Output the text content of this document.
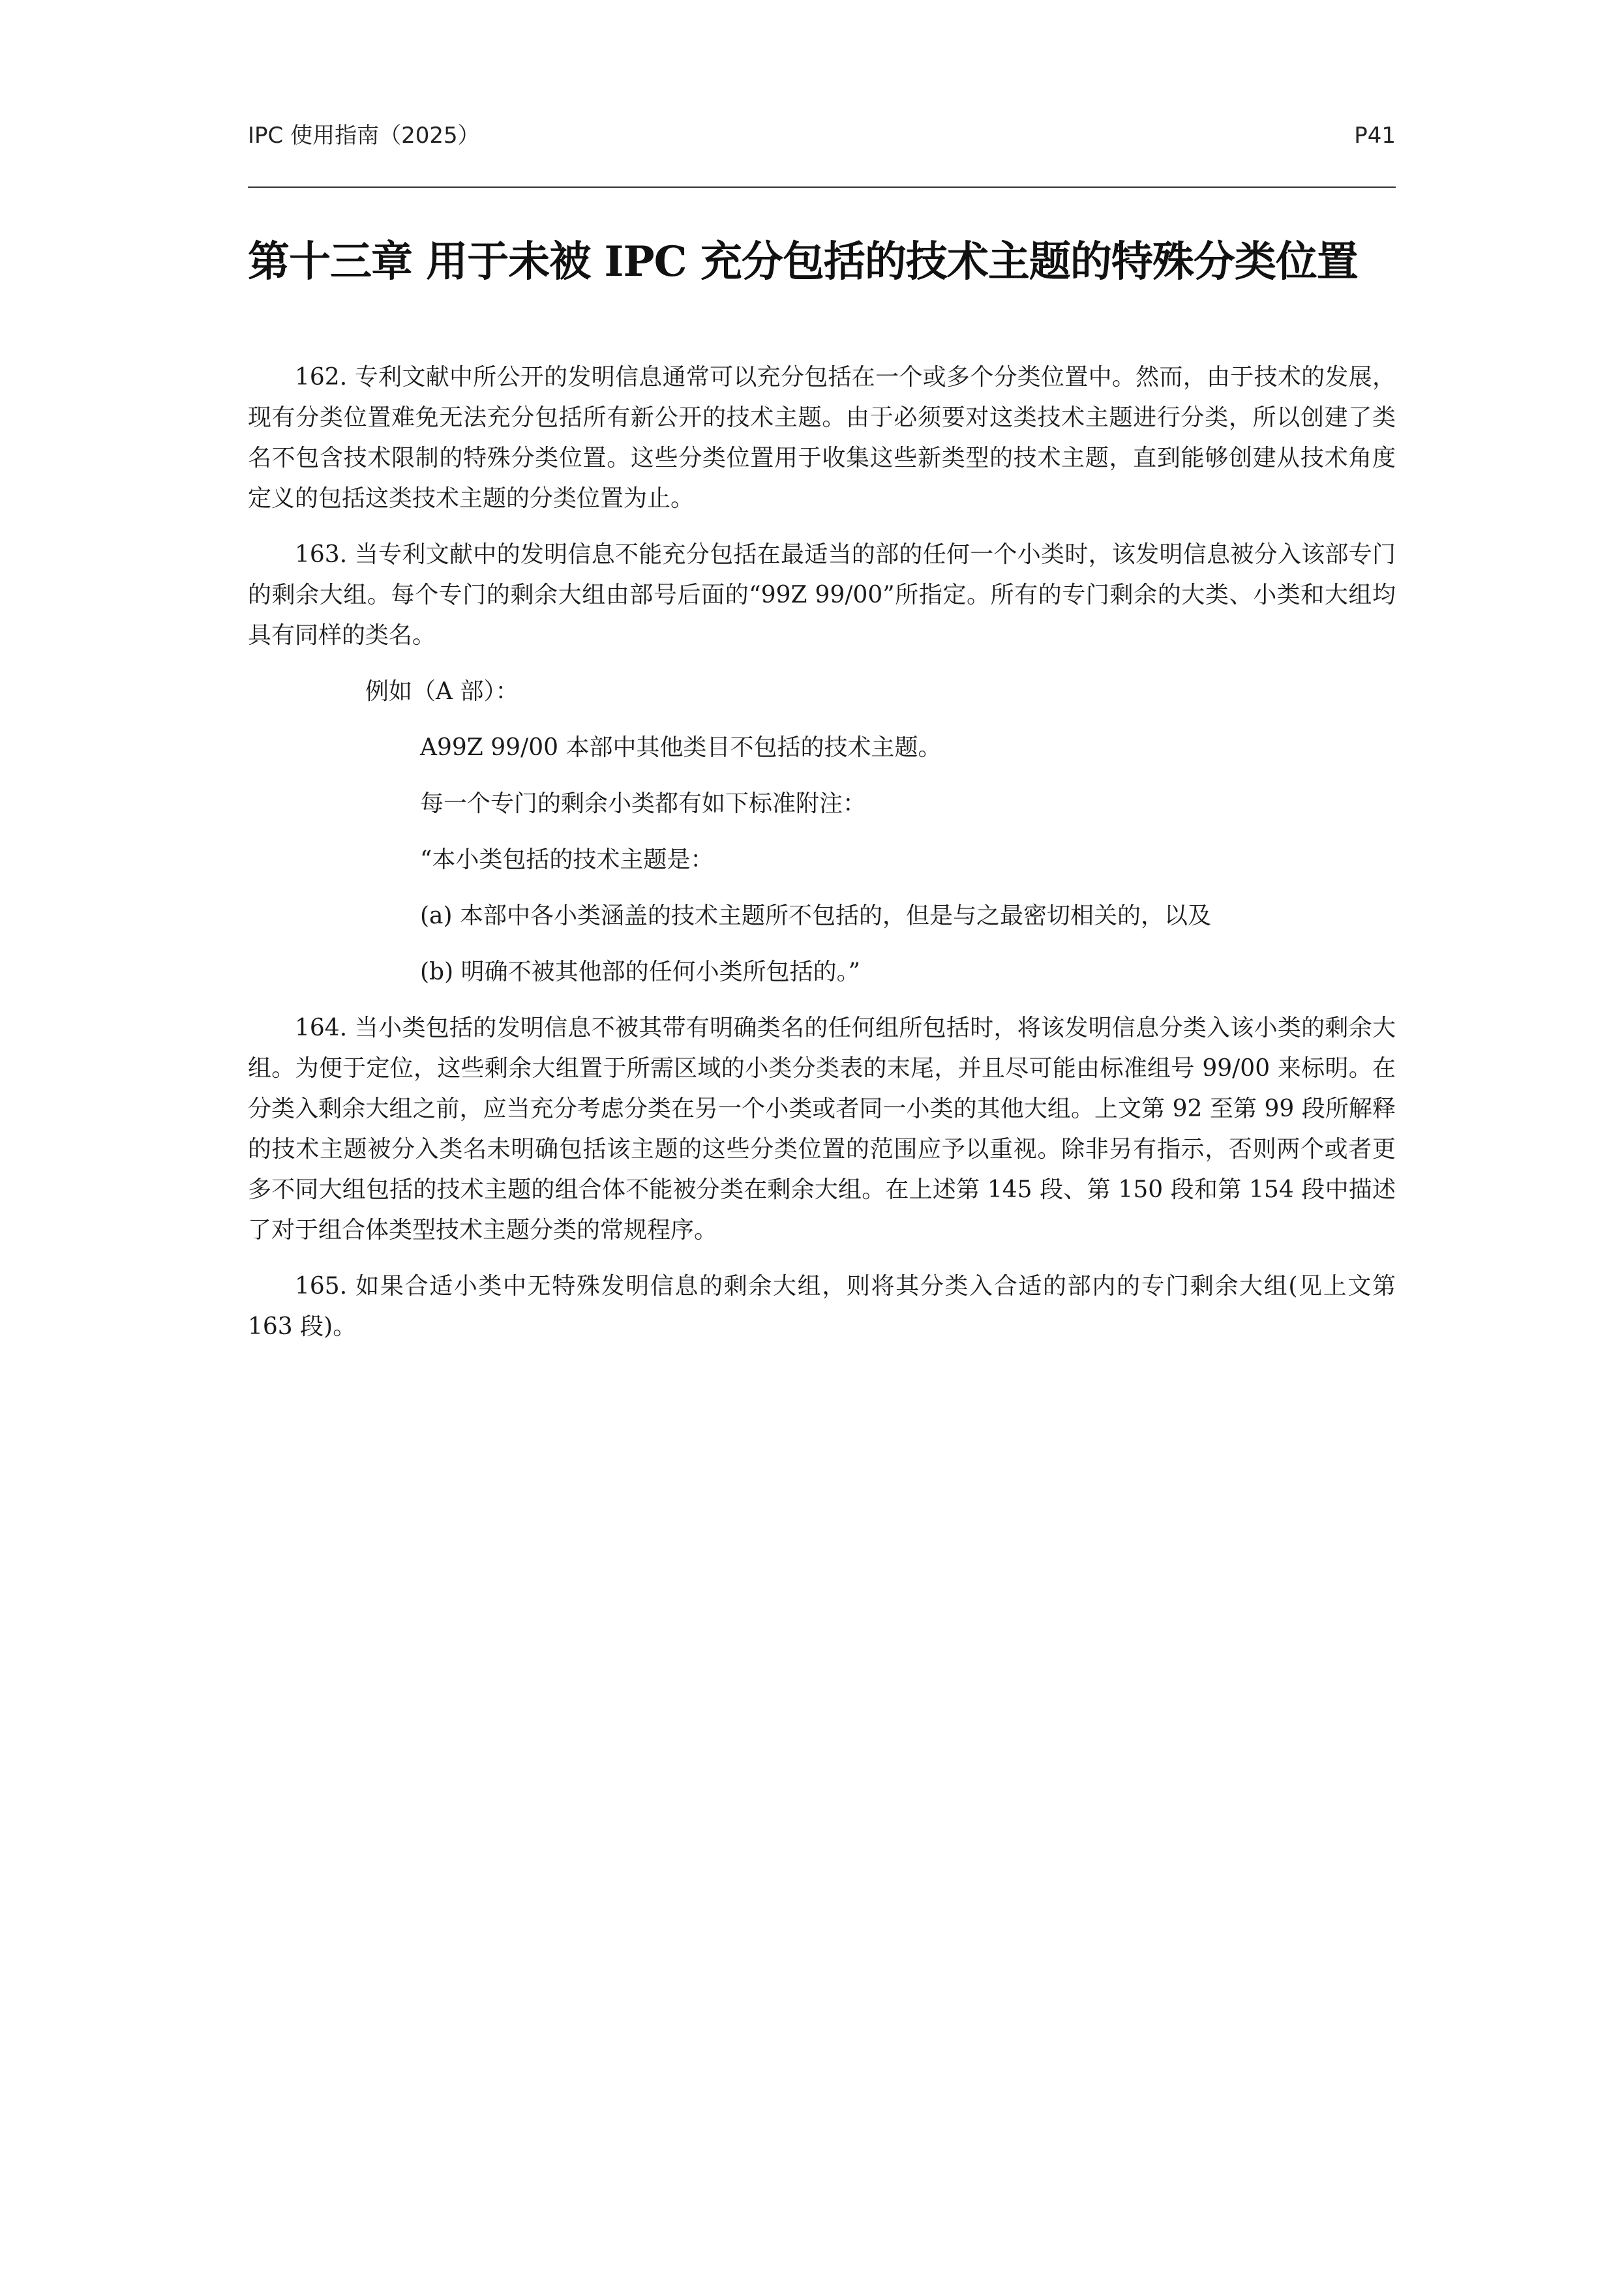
IPC 使用指南（2025）	P41
第十三章 用于未被 IPC 充分包括的技术主题的特殊分类位置

162. 专利文献中所公开的发明信息通常可以充分包括在一个或多个分类位置中。然而，由于技术的发展，现有分类位置难免无法充分包括所有新公开的技术主题。由于必须要对这类技术主题进行分类，所以创建了类名不包含技术限制的特殊分类位置。这些分类位置用于收集这些新类型的技术主题，直到能够创建从技术角度定义的包括这类技术主题的分类位置为止。

163. 当专利文献中的发明信息不能充分包括在最适当的部的任何一个小类时，该发明信息被分入该部专门的剩余大组。每个专门的剩余大组由部号后面的“99Z 99/00”所指定。所有的专门剩余的大类、小类和大组均具有同样的类名。

例如（A 部）：

A99Z 99/00 本部中其他类目不包括的技术主题。

每一个专门的剩余小类都有如下标准附注：

“本小类包括的技术主题是：

(a) 本部中各小类涵盖的技术主题所不包括的，但是与之最密切相关的，以及

(b) 明确不被其他部的任何小类所包括的。”

164. 当小类包括的发明信息不被其带有明确类名的任何组所包括时，将该发明信息分类入该小类的剩余大组。为便于定位，这些剩余大组置于所需区域的小类分类表的末尾，并且尽可能由标准组号 99/00 来标明。在分类入剩余大组之前，应当充分考虑分类在另一个小类或者同一小类的其他大组。上文第 92 至第 99 段所解释的技术主题被分入类名未明确包括该主题的这些分类位置的范围应予以重视。除非另有指示，否则两个或者更多不同大组包括的技术主题的组合体不能被分类在剩余大组。在上述第 145 段、第 150 段和第 154 段中描述了对于组合体类型技术主题分类的常规程序。

165. 如果合适小类中无特殊发明信息的剩余大组，则将其分类入合适的部内的专门剩余大组(见上文第 163 段)。
